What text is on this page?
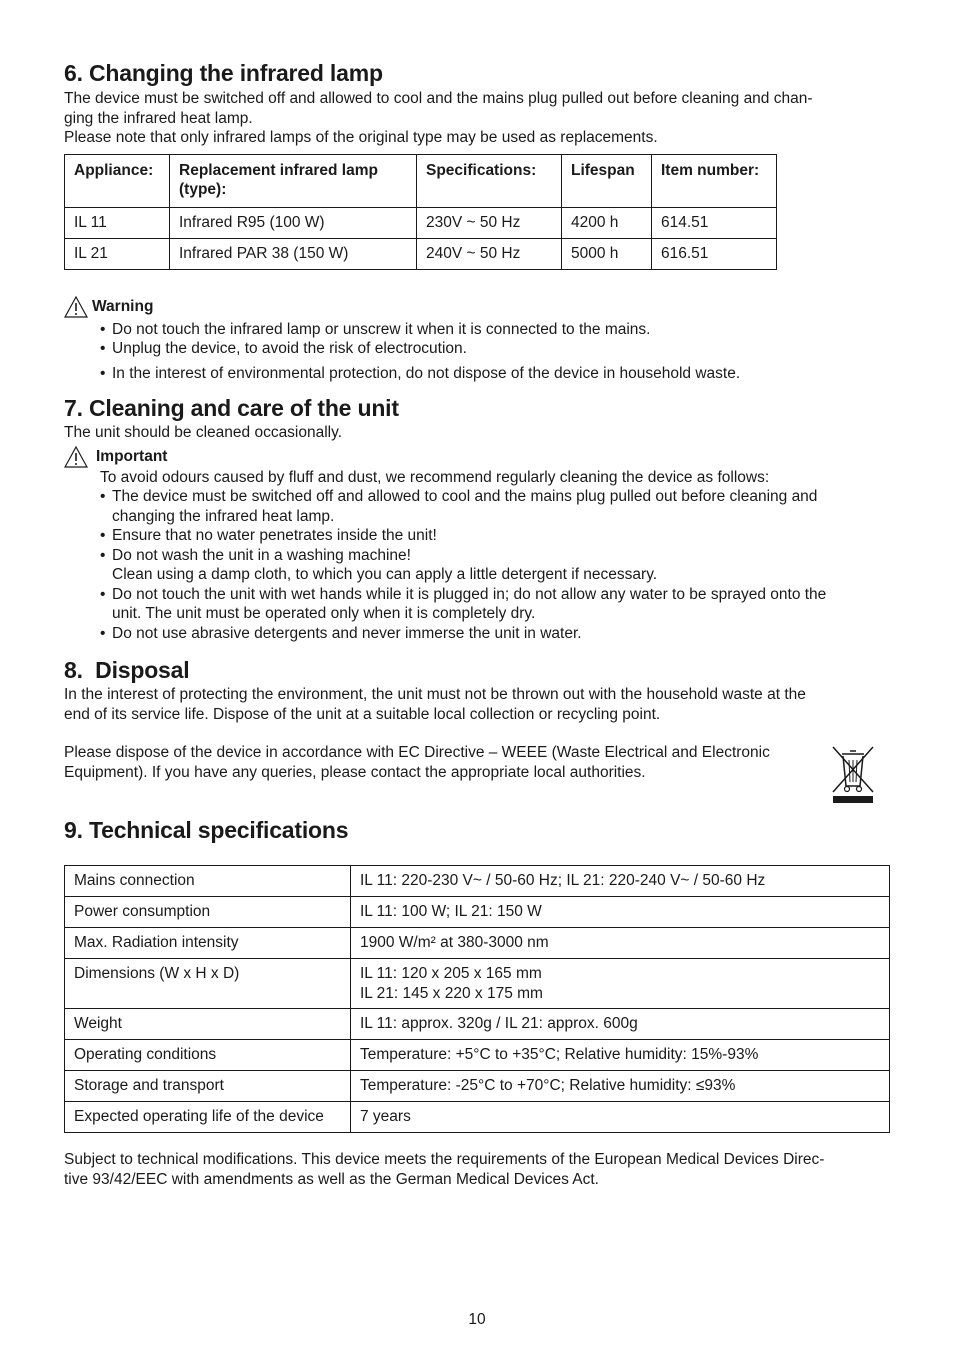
6. Changing the infrared lamp

The device must be switched off and allowed to cool and the mains plug pulled out before cleaning and chan-

ging the infrared heat lamp.

Please note that only infrared lamps of the original type may be used as replacements.

Appliance:	Replacement infrared lamp (type):	Specifications:	Lifespan	Item number:
IL 11	Infrared R95 (100 W)	230V ~ 50 Hz	4200 h	614.51
IL 21	Infrared PAR 38 (150 W)	240V ~ 50 Hz	5000 h	616.51
Warning
• Do not touch the infrared lamp or unscrew it when it is connected to the mains.
• Unplug the device, to avoid the risk of electrocution.
• In the interest of environmental protection, do not dispose of the device in household waste.
7. Cleaning and care of the unit

The unit should be cleaned occasionally.

Important

To avoid odours caused by fluff and dust, we recommend regularly cleaning the device as follows:

• The device must be switched off and allowed to cool and the mains plug pulled out before cleaning and
changing the infrared heat lamp.
• Ensure that no water penetrates inside the unit!
• Do not wash the unit in a washing machine!
Clean using a damp cloth, to which you can apply a little detergent if necessary.
• Do not touch the unit with wet hands while it is plugged in; do not allow any water to be sprayed onto the
unit. The unit must be operated only when it is completely dry.
• Do not use abrasive detergents and never immerse the unit in water.
8.  Disposal

In the interest of protecting the environment, the unit must not be thrown out with the household waste at the

end of its service life. Dispose of the unit at a suitable local collection or recycling point.

Please dispose of the device in accordance with EC Directive – WEEE (Waste Electrical and Electronic

Equipment). If you have any queries, please contact the appropriate local authorities.

9. Technical specifications
Mains connection	IL 11: 220-230 V~ / 50-60 Hz; IL 21: 220-240 V~ / 50-60 Hz
Power consumption	IL 11: 100 W; IL 21: 150 W
Max. Radiation intensity	1900 W/m² at 380-3000 nm
Dimensions (W x H x D)	IL 11: 120 x 205 x 165 mm
IL 21: 145 x 220 x 175 mm

Weight	IL 11: approx. 320g / IL 21: approx. 600g
Operating conditions	Temperature: +5°C to +35°C; Relative humidity: 15%-93%
Storage and transport	Temperature: -25°C to +70°C; Relative humidity: ≤93%
Expected operating life of the device	7 years

Subject to technical modifications. This device meets the requirements of the European Medical Devices Direc-

tive 93/42/EEC with amendments as well as the German Medical Devices Act.

10
